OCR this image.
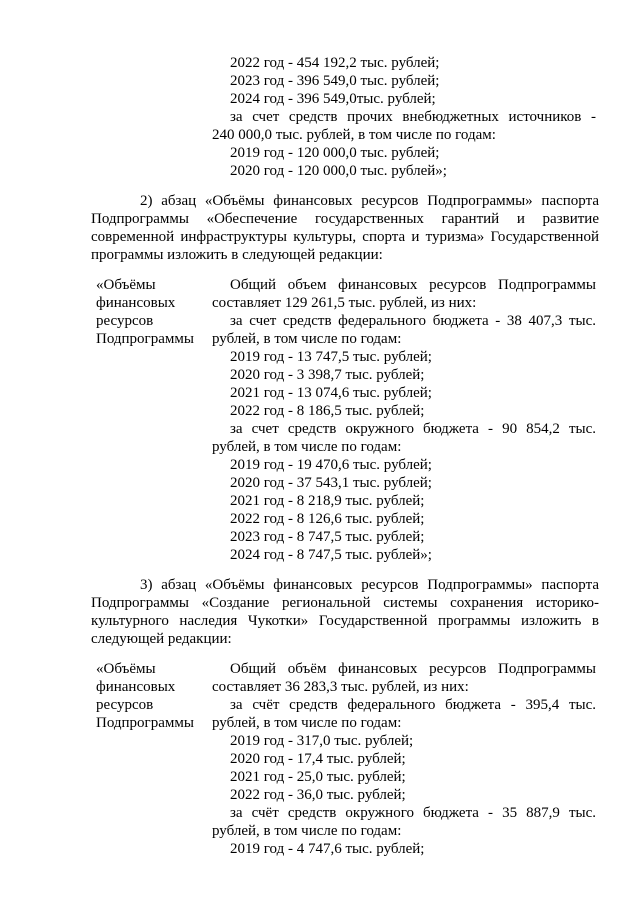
2022 год - 454 192,2 тыс. рублей;
2023 год - 396 549,0 тыс. рублей;
2024 год - 396 549,0тыс. рублей;
за счет средств прочих внебюджетных источников -
240 000,0 тыс. рублей, в том числе по годам:
2019 год - 120 000,0 тыс. рублей;
2020 год - 120 000,0 тыс. рублей»;
2) абзац «Объёмы финансовых ресурсов Подпрограммы» паспорта
Подпрограммы «Обеспечение государственных гарантий и развитие
современной инфраструктуры культуры, спорта и туризма» Государственной
программы изложить в следующей редакции:
«Объёмы
финансовых
ресурсов
Подпрограммы
Общий объем финансовых ресурсов Подпрограммы
составляет 129 261,5 тыс. рублей, из них:
за счет средств федерального бюджета - 38 407,3 тыс.
рублей, в том числе по годам:
2019 год - 13 747,5 тыс. рублей;
2020 год - 3 398,7 тыс. рублей;
2021 год - 13 074,6 тыс. рублей;
2022 год - 8 186,5 тыс. рублей;
за счет средств окружного бюджета - 90 854,2 тыс.
рублей, в том числе по годам:
2019 год - 19 470,6 тыс. рублей;
2020 год - 37 543,1 тыс. рублей;
2021 год - 8 218,9 тыс. рублей;
2022 год - 8 126,6 тыс. рублей;
2023 год - 8 747,5 тыс. рублей;
2024 год - 8 747,5 тыс. рублей»;
3) абзац «Объёмы финансовых ресурсов Подпрограммы» паспорта
Подпрограммы «Создание региональной системы сохранения историко-
культурного наследия Чукотки» Государственной программы изложить в
следующей редакции:
«Объёмы
финансовых
ресурсов
Подпрограммы
Общий объём финансовых ресурсов Подпрограммы
составляет 36 283,3 тыс. рублей, из них:
за счёт средств федерального бюджета - 395,4 тыс.
рублей, в том числе по годам:
2019 год - 317,0 тыс. рублей;
2020 год - 17,4 тыс. рублей;
2021 год - 25,0 тыс. рублей;
2022 год - 36,0 тыс. рублей;
за счёт средств окружного бюджета - 35 887,9 тыс.
рублей, в том числе по годам:
2019 год - 4 747,6 тыс. рублей;
